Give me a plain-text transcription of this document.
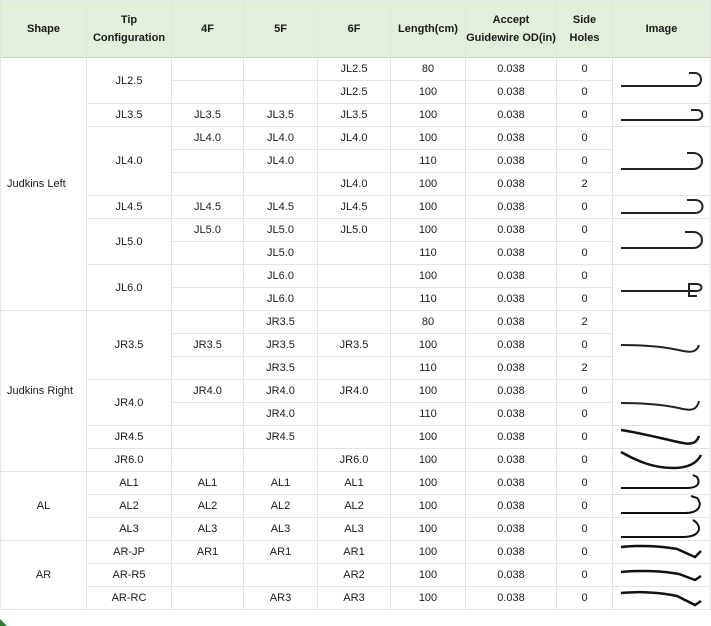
Shape	Tip Configuration	4F	5F	6F	Length(cm)	Accept Guidewire OD(in)	Side Holes	Image
Judkins Left	JL2.5			JL2.5	80	0.038	0	

				JL2.5	100	0.038	0	
	JL3.5	JL3.5	JL3.5	JL3.5	100	0.038	0	

	JL4.0	JL4.0	JL4.0	JL4.0	100	0.038	0	

			JL4.0		110	0.038	0	
				JL4.0	100	0.038	2	
	JL4.5	JL4.5	JL4.5	JL4.5	100	0.038	0	

	JL5.0	JL5.0	JL5.0	JL5.0	100	0.038	0	

			JL5.0		110	0.038	0	
	JL6.0		JL6.0		100	0.038	0	

			JL6.0		110	0.038	0	
Judkins Right	JR3.5		JR3.5		80	0.038	2	

		JR3.5	JR3.5	JR3.5	100	0.038	0	
			JR3.5		110	0.038	2	
	JR4.0	JR4.0	JR4.0	JR4.0	100	0.038	0	

			JR4.0		110	0.038	0	
	JR4.5		JR4.5		100	0.038	0	

	JR6.0			JR6.0	100	0.038	0	

AL	AL1	AL1	AL1	AL1	100	0.038	0	

	AL2	AL2	AL2	AL2	100	0.038	0	

	AL3	AL3	AL3	AL3	100	0.038	0	

AR	AR-JP	AR1	AR1	AR1	100	0.038	0	

	AR-R5			AR2	100	0.038	0	

	AR-RC		AR3	AR3	100	0.038	0	
